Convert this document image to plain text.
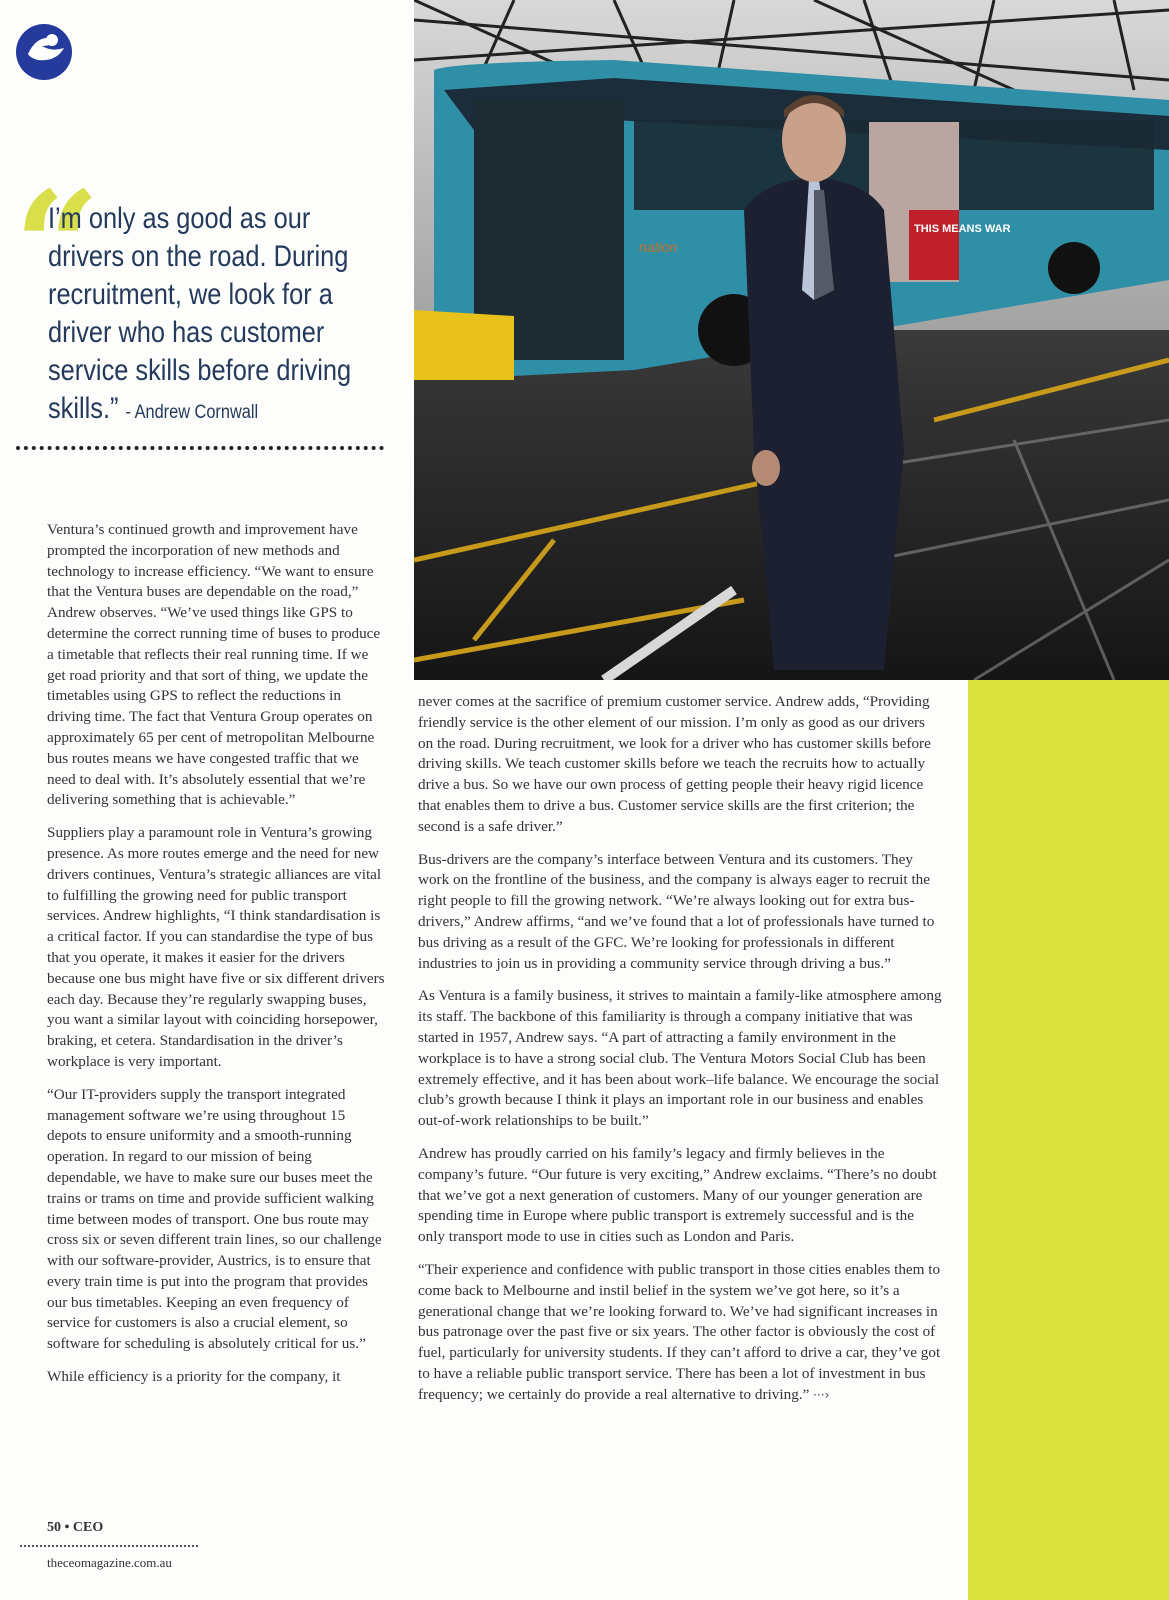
“
I’m only as good as our drivers on the road. During recruitment, we look for a driver who has customer service skills before driving skills.” - Andrew Cornwall

Ventura’s continued growth and improvement have prompted the incorporation of new methods and technology to increase efficiency. “We want to ensure that the Ventura buses are dependable on the road,” Andrew observes. “We’ve used things like GPS to determine the correct running time of buses to produce a timetable that reflects their real running time. If we get road priority and that sort of thing, we update the timetables using GPS to reflect the reductions in driving time. The fact that Ventura Group operates on approximately 65 per cent of metropolitan Melbourne bus routes means we have congested traffic that we need to deal with. It’s absolutely essential that we’re delivering something that is achievable.”

Suppliers play a paramount role in Ventura’s growing presence. As more routes emerge and the need for new drivers continues, Ventura’s strategic alliances are vital to fulfilling the growing need for public transport services. Andrew highlights, “I think standardisation is a critical factor. If you can standardise the type of bus that you operate, it makes it easier for the drivers because one bus might have five or six different drivers each day. Because they’re regularly swapping buses, you want a similar layout with coinciding horsepower, braking, et cetera. Standardisation in the driver’s workplace is very important.

“Our IT-providers supply the transport integrated management software we’re using throughout 15 depots to ensure uniformity and a smooth-running operation. In regard to our mission of being dependable, we have to make sure our buses meet the trains or trams on time and provide sufficient walking time between modes of transport. One bus route may cross six or seven different train lines, so our challenge with our software-provider, Austrics, is to ensure that every train time is put into the program that provides our bus timetables. Keeping an even frequency of service for customers is also a crucial element, so software for scheduling is absolutely critical for us.”

While efficiency is a priority for the company, it

THIS MEANS WAR
nation

never comes at the sacrifice of premium customer service. Andrew adds, “Providing friendly service is the other element of our mission. I’m only as good as our drivers on the road. During recruitment, we look for a driver who has customer skills before driving skills. We teach customer skills before we teach the recruits how to actually drive a bus. So we have our own process of getting people their heavy rigid licence that enables them to drive a bus. Customer service skills are the first criterion; the second is a safe driver.”

Bus-drivers are the company’s interface between Ventura and its customers. They work on the frontline of the business, and the company is always eager to recruit the right people to fill the growing network. “We’re always looking out for extra bus-drivers,” Andrew affirms, “and we’ve found that a lot of professionals have turned to bus driving as a result of the GFC. We’re looking for professionals in different industries to join us in providing a community service through driving a bus.”

As Ventura is a family business, it strives to maintain a family-like atmosphere among its staff. The backbone of this familiarity is through a company initiative that was started in 1957, Andrew says. “A part of attracting a family environment in the workplace is to have a strong social club. The Ventura Motors Social Club has been extremely effective, and it has been about work–life balance. We encourage the social club’s growth because I think it plays an important role in our business and enables out-of-work relationships to be built.”

Andrew has proudly carried on his family’s legacy and firmly believes in the company’s future. “Our future is very exciting,” Andrew exclaims. “There’s no doubt that we’ve got a next generation of customers. Many of our younger generation are spending time in Europe where public transport is extremely successful and is the only transport mode to use in cities such as London and Paris.

“Their experience and confidence with public transport in those cities enables them to come back to Melbourne and instil belief in the system we’ve got here, so it’s a generational change that we’re looking forward to. We’ve had significant increases in bus patronage over the past five or six years. The other factor is obviously the cost of fuel, particularly for university students. If they can’t afford to drive a car, they’ve got to have a reliable public transport service. There has been a lot of investment in bus frequency; we certainly do provide a real alternative to driving.” ···›

50 • CEO
theceomagazine.com.au
